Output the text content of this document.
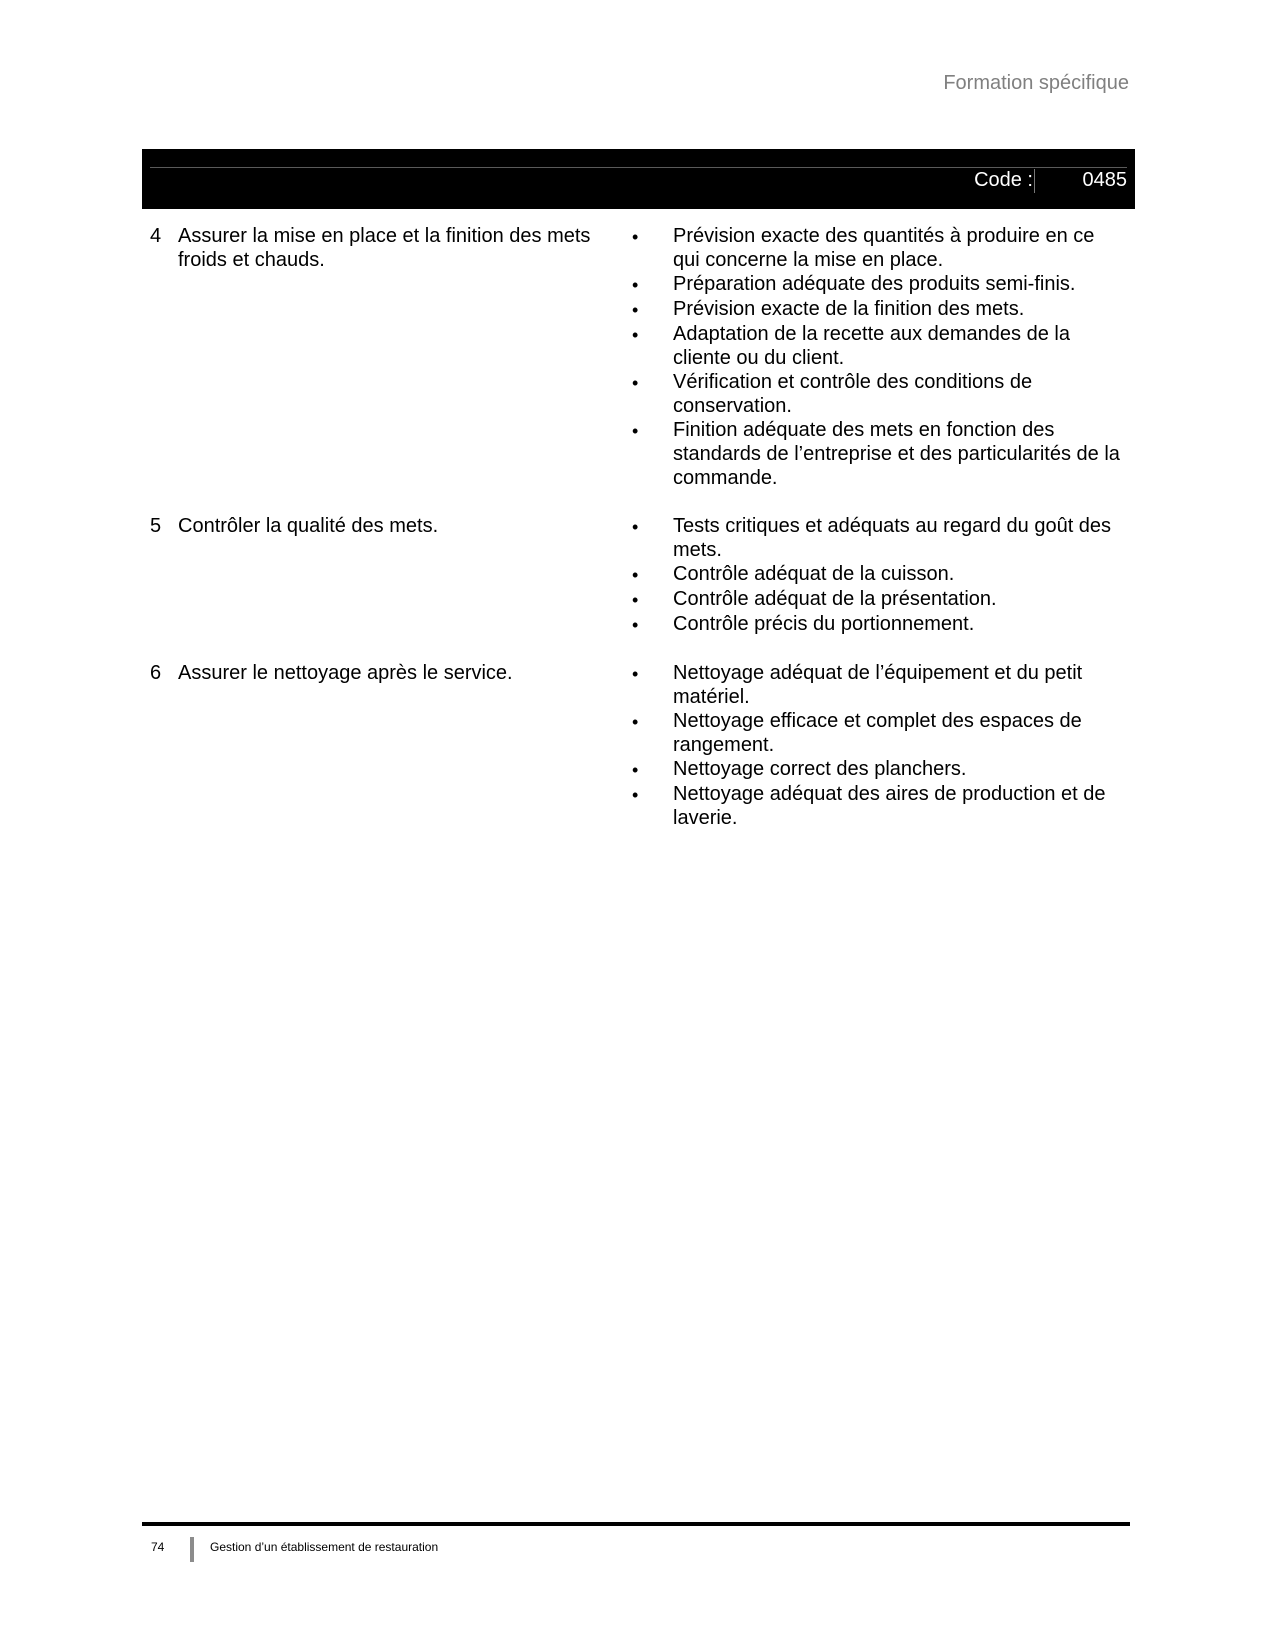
Formation spécifique
Code : 0485
4 Assurer la mise en place et la finition des mets froids et chauds.
•	Prévision exacte des quantités à produire en ce qui concerne la mise en place.
•	Préparation adéquate des produits semi-finis.
•	Prévision exacte de la finition des mets.
•	Adaptation de la recette aux demandes de la cliente ou du client.
•	Vérification et contrôle des conditions de conservation.
•	Finition adéquate des mets en fonction des standards de l’entreprise et des particularités de la commande.
5 Contrôler la qualité des mets.	•	Tests critiques et adéquats au regard du goût des mets.
•	Contrôle adéquat de la cuisson.
•	Contrôle adéquat de la présentation.
•	Contrôle précis du portionnement.
6 Assurer le nettoyage après le service.	•	Nettoyage adéquat de l’équipement et du petit matériel.
•	Nettoyage efficace et complet des espaces de rangement.
•	Nettoyage correct des planchers.
•	Nettoyage adéquat des aires de production et de laverie.
74	Gestion d’un établissement de restauration
